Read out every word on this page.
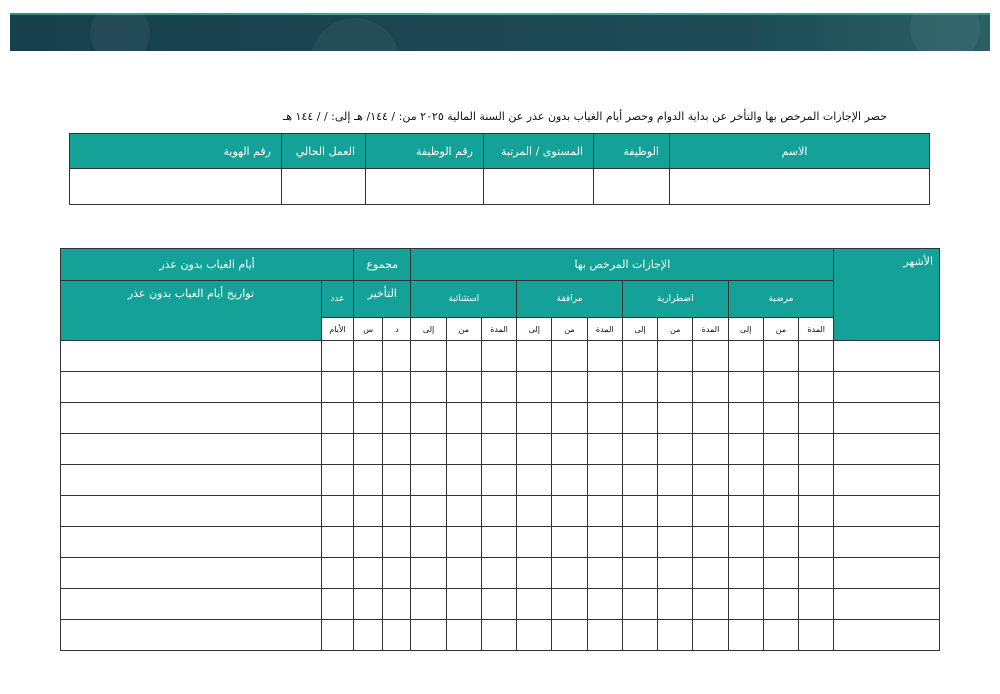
حصر الإجازات المرخص بها والتأخر عن بداية الدوام وحصر أيام الغياب بدون عذر عن السنة المالية ٢٠٢٥ من: / ١٤٤/ هـ إلى: / / ١٤٤ هـ
الاسم	الوظيفة	المستوى / المرتبة	رقم الوظيفة	العمل الحالي	رقم الهوية

الأشهر	الإجازات المرخص بها												مجموع		أيام الغياب بدون عذر	
	مرضية			اضطرارية			مرافقة			استثنائية			التأخير		عدد	تواريخ أيام الغياب بدون عذر
	المدة	من	إلى	المدة	من	إلى	المدة	من	إلى	المدة	من	إلى	د	س	الأيام	
